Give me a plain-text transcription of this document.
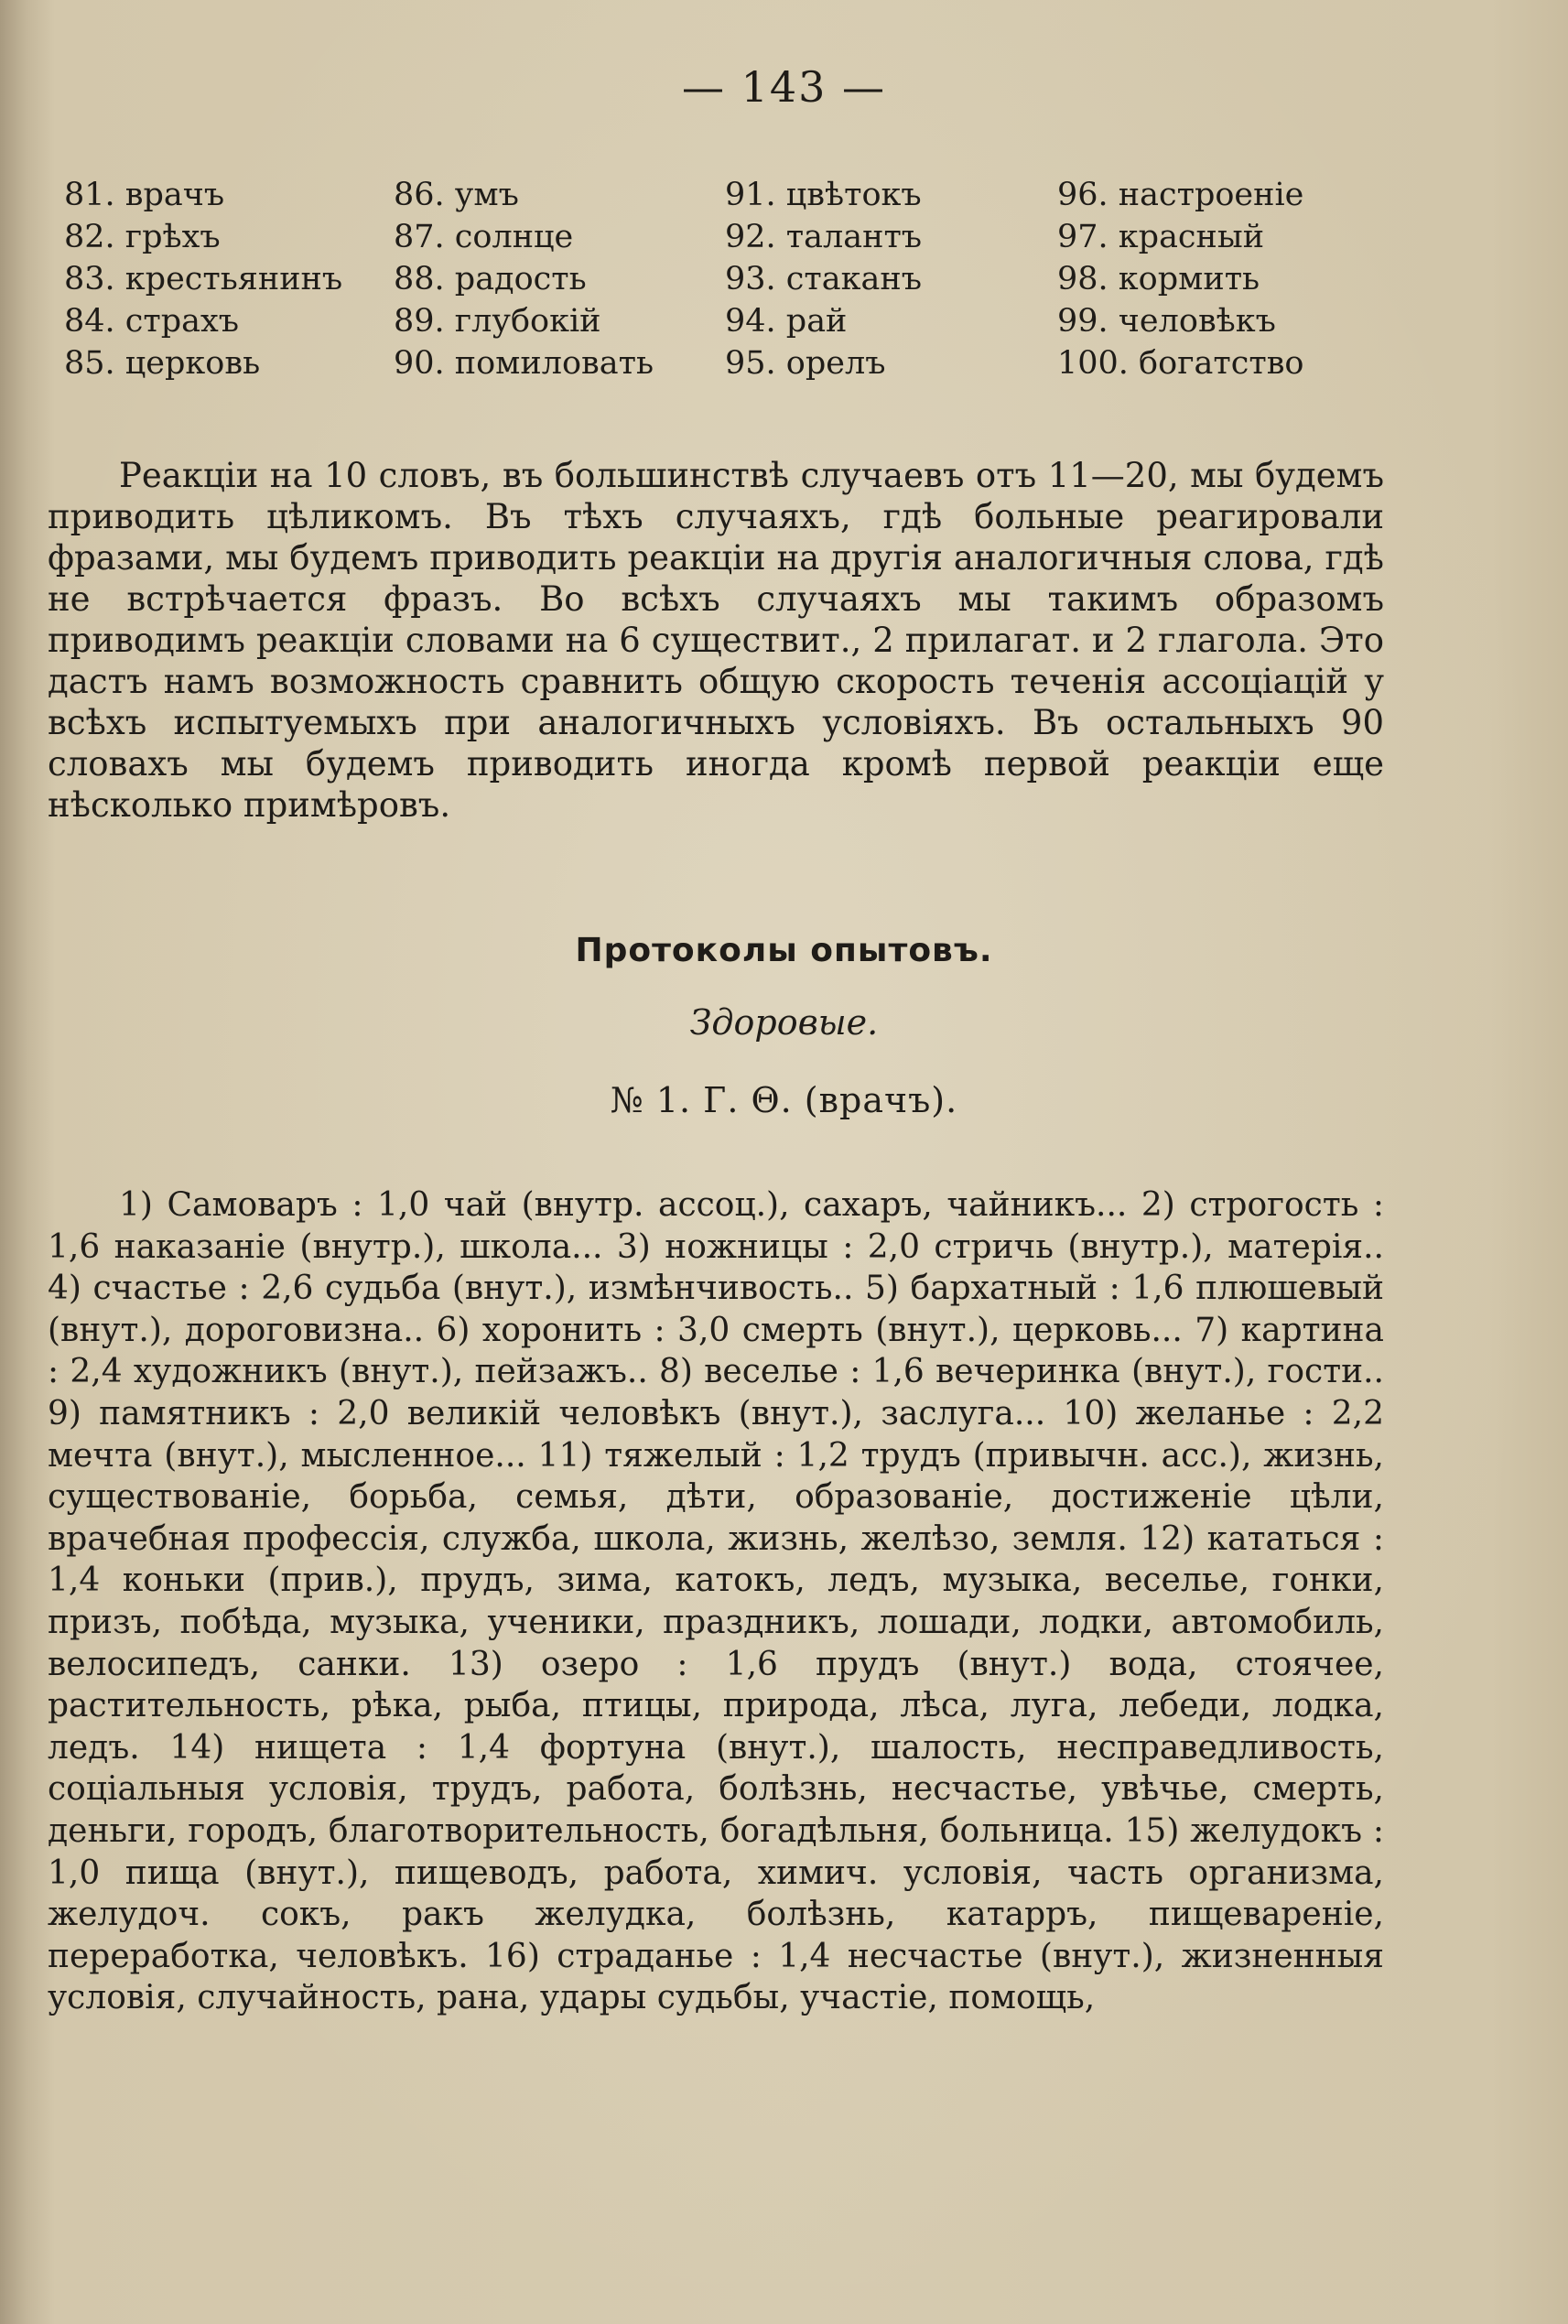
— 143 —
81. врачъ
82. грѣхъ
83. крестьянинъ
84. страхъ
85. церковь
86. умъ
87. солнце
88. радость
89. глубокiй
90. помиловать
91. цвѣтокъ
92. талантъ
93. стаканъ
94. рай
95. орелъ
96. настроенiе
97. красный
98. кормить
99. человѣкъ
100. богатство

Реакцiи на 10 словъ, въ большинствѣ случаевъ отъ 11—20, мы будемъ приводить цѣликомъ. Въ тѣхъ случаяхъ, гдѣ больные реагировали фразами, мы будемъ приводить реакцiи на другiя аналогичныя слова, гдѣ не встрѣчается фразъ. Во всѣхъ случаяхъ мы такимъ образомъ приводимъ реакцiи словами на 6 существит., 2 прилагат. и 2 глагола. Это дастъ намъ возможность сравнить общую скорость теченiя ассоцiацiй у всѣхъ испытуемыхъ при аналогичныхъ условiяхъ. Въ остальныхъ 90 словахъ мы будемъ приводить иногда кромѣ первой реакцiи еще нѣсколько примѣровъ.

Протоколы опытовъ.
Здоровые.
№ 1. Г. Θ. (врачъ).

1) Самоваръ : 1,0 чай (внутр. ассоц.), сахаръ, чайникъ... 2) строгость : 1,6 наказанiе (внутр.), школа... 3) ножницы : 2,0 стричь (внутр.), матерiя.. 4) счастье : 2,6 судьба (внут.), измѣнчивость.. 5) бархатный : 1,6 плюшевый (внут.), дороговизна.. 6) хоронить : 3,0 смерть (внут.), церковь... 7) картина : 2,4 художникъ (внут.), пейзажъ.. 8) веселье : 1,6 вечеринка (внут.), гости.. 9) памятникъ : 2,0 великiй человѣкъ (внут.), заслуга... 10) желанье : 2,2 мечта (внут.), мысленное... 11) тяжелый : 1,2 трудъ (привычн. асс.), жизнь, существованiе, борьба, семья, дѣти, образованiе, достиженiе цѣли, врачебная профессiя, служба, школа, жизнь, желѣзо, земля. 12) кататься : 1,4 коньки (прив.), прудъ, зима, катокъ, ледъ, музыка, веселье, гонки, призъ, побѣда, музыка, ученики, праздникъ, лошади, лодки, автомобиль, велосипедъ, санки. 13) озеро : 1,6 прудъ (внут.) вода, стоячее, растительность, рѣка, рыба, птицы, природа, лѣса, луга, лебеди, лодка, ледъ. 14) нищета : 1,4 фортуна (внут.), шалость, несправедливость, соцiальныя условiя, трудъ, работа, болѣзнь, несчастье, увѣчье, смерть, деньги, городъ, благотворительность, богадѣльня, больница. 15) желудокъ : 1,0 пища (внут.), пищеводъ, работа, химич. условiя, часть организма, желудоч. сокъ, ракъ желудка, болѣзнь, катарръ, пищеваренiе, переработка, человѣкъ. 16) страданье : 1,4 несчастье (внут.), жизненныя условiя, случайность, рана, удары судьбы, участiе, помощь,
